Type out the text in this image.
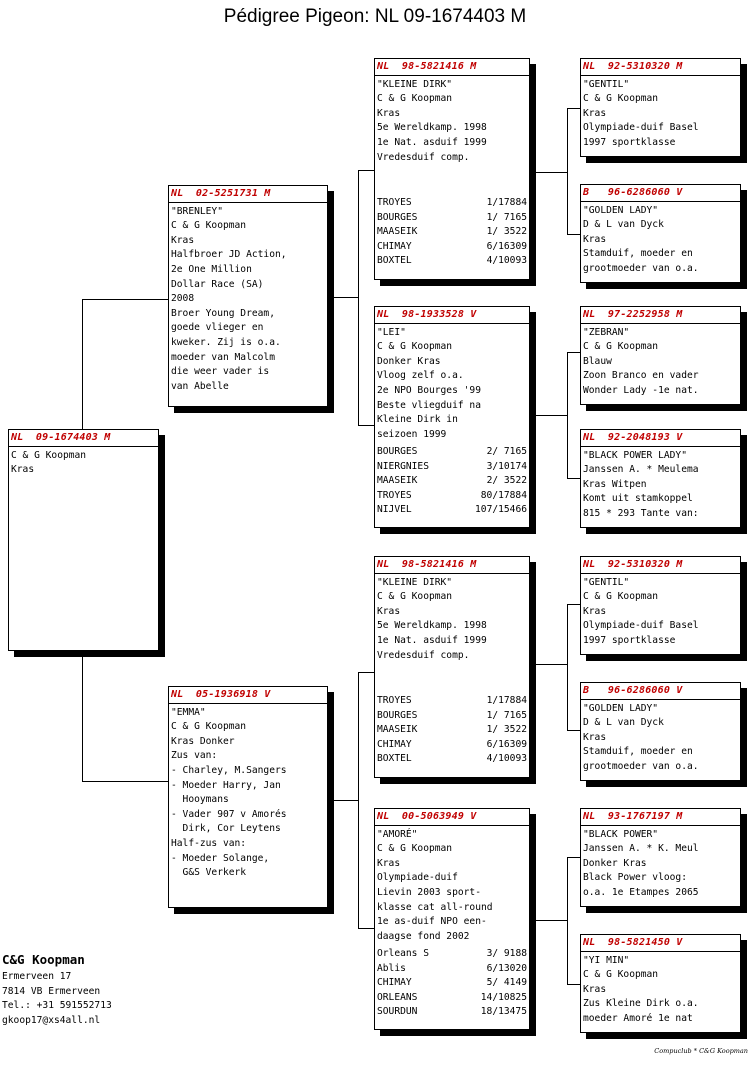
Pédigree Pigeon: NL 09-1674403 M
NL  09-1674403 M
C & G Koopman
Kras
NL  02-5251731 M
"BRENLEY"
C & G Koopman
Kras
Halfbroer JD Action,
2e One Million
Dollar Race (SA)
2008
Broer Young Dream,
goede vlieger en
kweker. Zij is o.a.
moeder van Malcolm
die weer vader is
van Abelle
NL  05-1936918 V
"EMMA"
C & G Koopman
Kras Donker
Zus van:
- Charley, M.Sangers
- Moeder Harry, Jan
Hooymans
- Vader 907 v Amorés
Dirk, Cor Leytens
Half-zus van:
- Moeder Solange,
G&S Verkerk
NL  98-5821416 M
"KLEINE DIRK"
C & G Koopman
Kras
5e Wereldkamp. 1998
1e Nat. asduif 1999
Vredesduif comp.
TROYES	1/17884
BOURGES	1/ 7165
MAASEIK	1/ 3522
CHIMAY	6/16309
BOXTEL	4/10093
NL  98-1933528 V
"LEI"
C & G Koopman
Donker Kras
Vloog zelf o.a.
2e NPO Bourges '99
Beste vliegduif na
Kleine Dirk in
seizoen 1999
BOURGES	2/ 7165
NIERGNIES	3/10174
MAASEIK	2/ 3522
TROYES	80/17884
NIJVEL	107/15466
NL  98-5821416 M
"KLEINE DIRK"
C & G Koopman
Kras
5e Wereldkamp. 1998
1e Nat. asduif 1999
Vredesduif comp.
TROYES	1/17884
BOURGES	1/ 7165
MAASEIK	1/ 3522
CHIMAY	6/16309
BOXTEL	4/10093
NL  00-5063949 V
"AMORÉ"
C & G Koopman
Kras
Olympiade-duif
Lievin 2003 sport-
klasse cat all-round
1e as-duif NPO een-
daagse fond 2002
Orleans S	3/ 9188
Ablis	6/13020
CHIMAY	5/ 4149
ORLEANS	14/10825
SOURDUN	18/13475
NL  92-5310320 M
"GENTIL"
C & G Koopman
Kras
Olympiade-duif Basel
1997 sportklasse
B   96-6286060 V
"GOLDEN LADY"
D & L van Dyck
Kras
Stamduif, moeder en
grootmoeder van o.a.
NL  97-2252958 M
"ZEBRAN"
C & G Koopman
Blauw
Zoon Branco en vader
Wonder Lady -1e nat.
NL  92-2048193 V
"BLACK POWER LADY"
Janssen A. * Meulema
Kras Witpen
Komt uit stamkoppel
815 * 293 Tante van:
NL  92-5310320 M
"GENTIL"
C & G Koopman
Kras
Olympiade-duif Basel
1997 sportklasse
B   96-6286060 V
"GOLDEN LADY"
D & L van Dyck
Kras
Stamduif, moeder en
grootmoeder van o.a.
NL  93-1767197 M
"BLACK POWER"
Janssen A. * K. Meul
Donker Kras
Black Power vloog:
o.a. 1e Etampes 2065
NL  98-5821450 V
"YI MIN"
C & G Koopman
Kras
Zus Kleine Dirk o.a.
moeder Amoré 1e nat
C&G Koopman
Ermerveen 17
7814 VB Ermerveen
Tel.: +31 591552713
gkoop17@xs4all.nl
Compuclub * C&G Koopman
